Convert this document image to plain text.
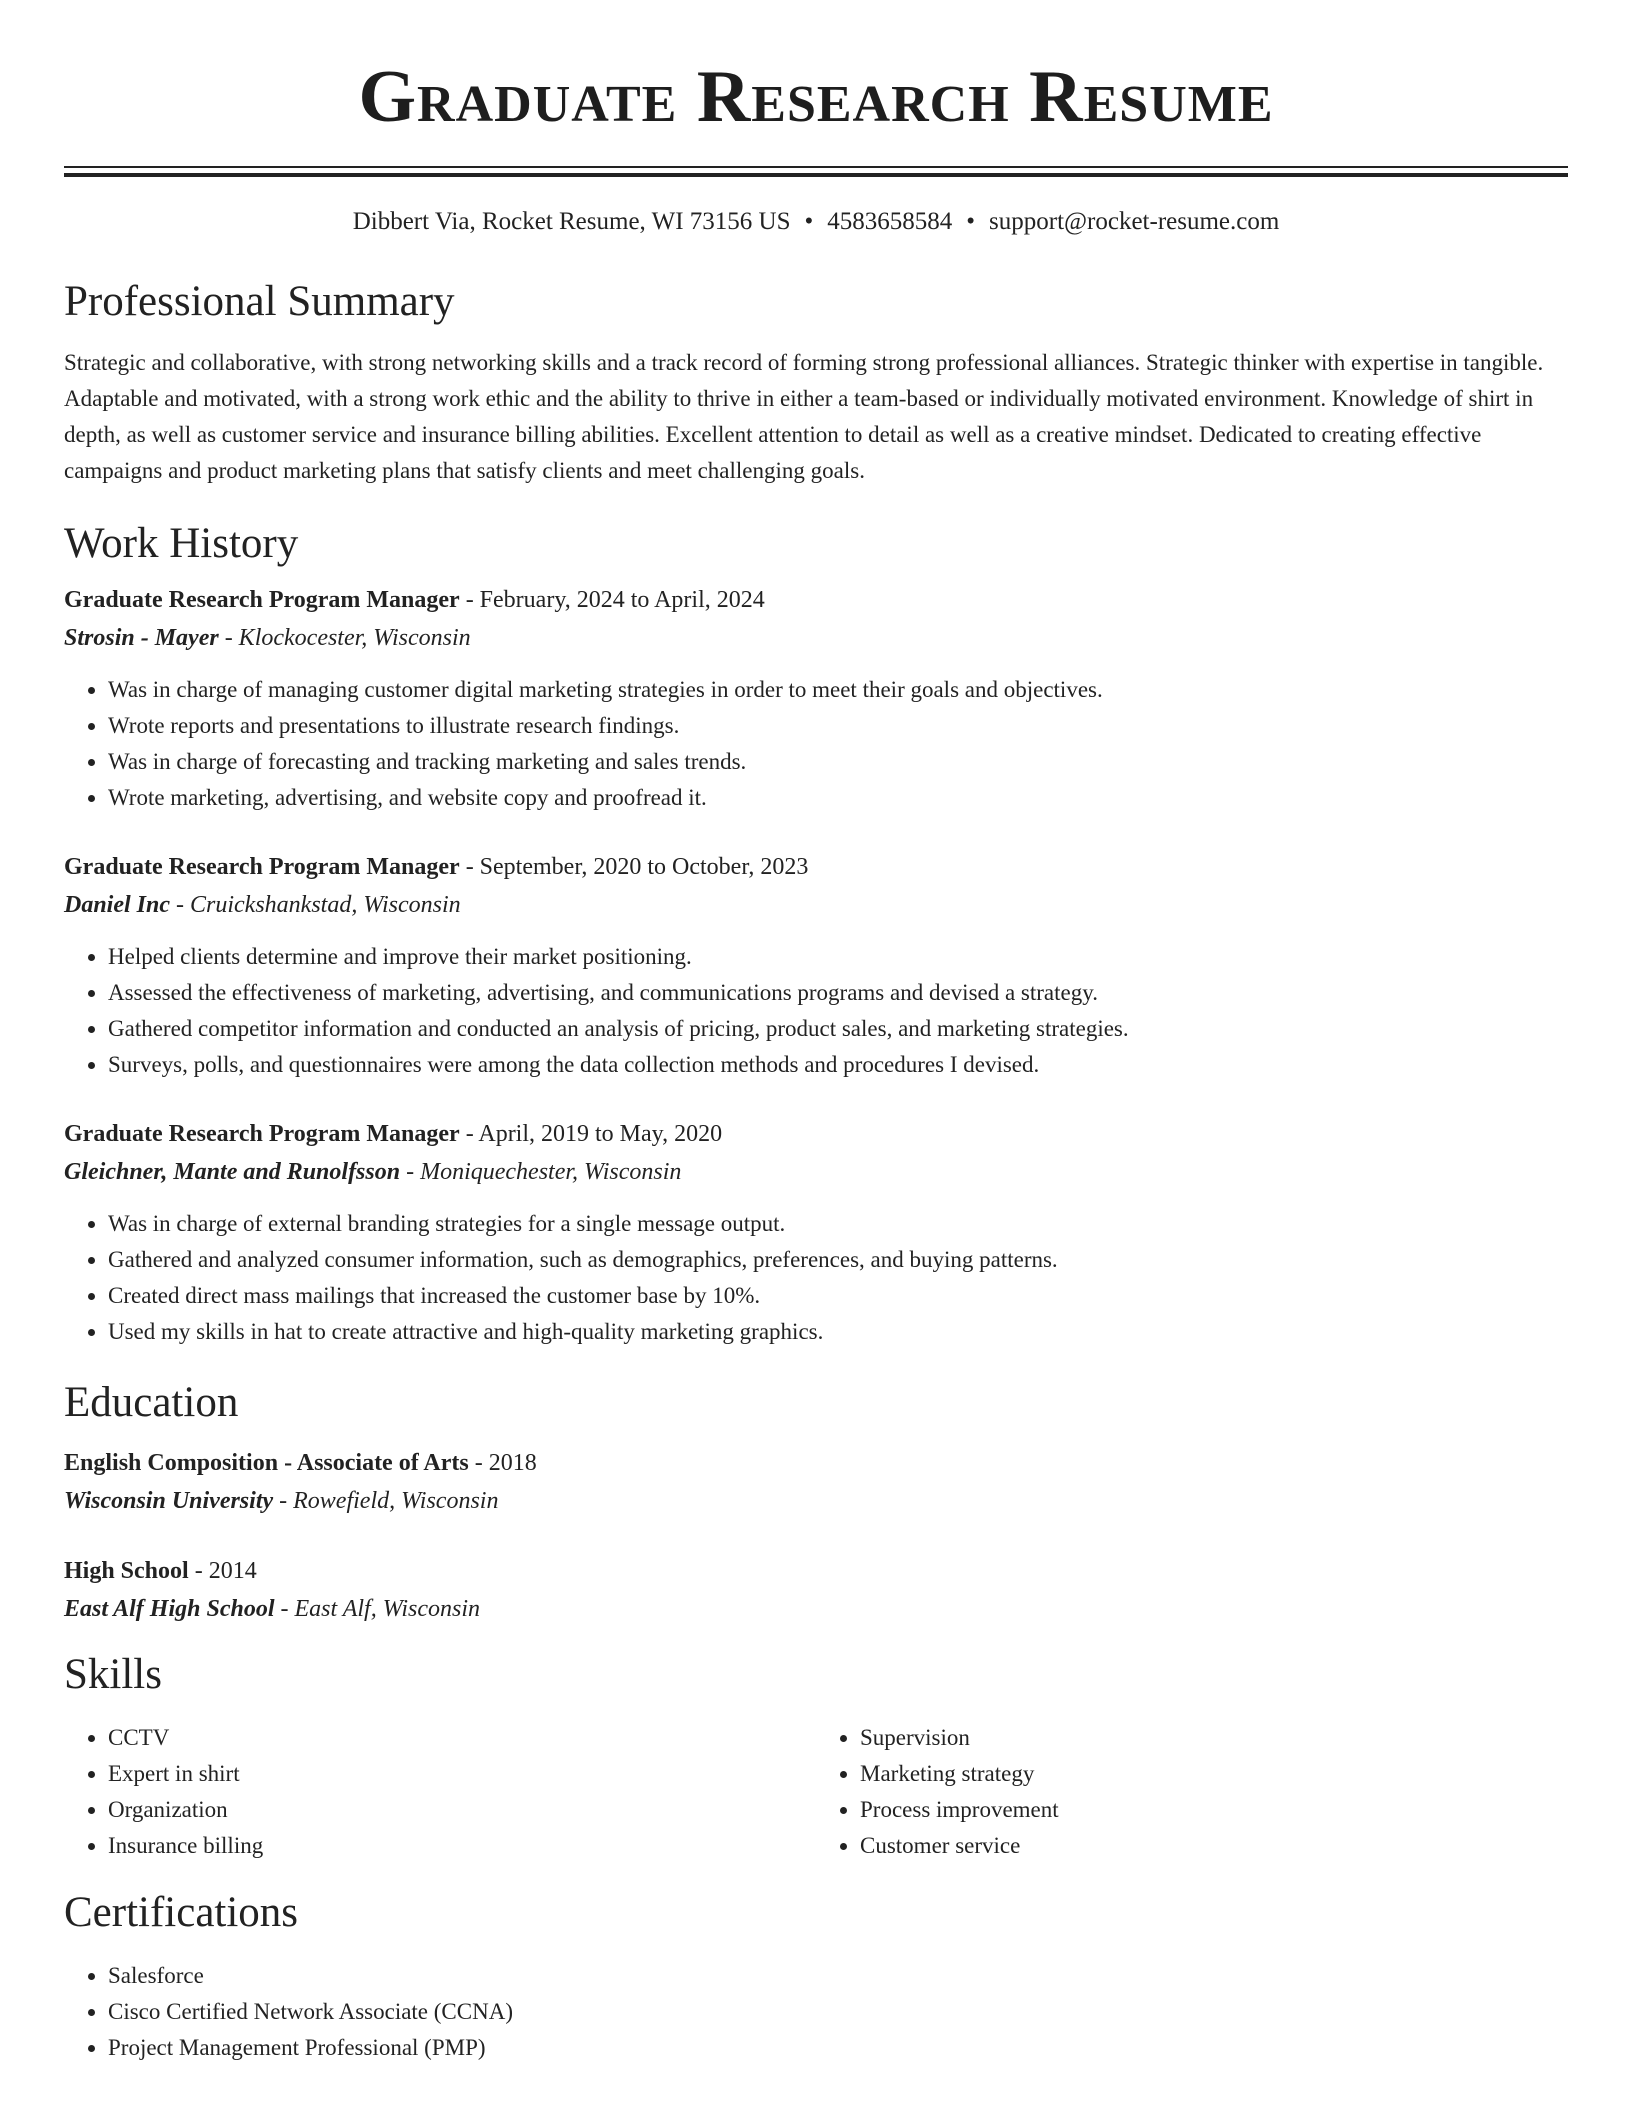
Graduate Research Resume
Dibbert Via, Rocket Resume, WI 73156 US • 4583658584 • support@rocket-resume.com
Professional Summary

Strategic and collaborative, with strong networking skills and a track record of forming strong professional alliances. Strategic thinker with expertise in tangible. Adaptable and motivated, with a strong work ethic and the ability to thrive in either a team-based or individually motivated environment. Knowledge of shirt in depth, as well as customer service and insurance billing abilities. Excellent attention to detail as well as a creative mindset. Dedicated to creating effective campaigns and product marketing plans that satisfy clients and meet challenging goals.

Work History
Graduate Research Program Manager - February, 2024 to April, 2024
Strosin - Mayer - Klockocester, Wisconsin
• Was in charge of managing customer digital marketing strategies in order to meet their goals and objectives.
• Wrote reports and presentations to illustrate research findings.
• Was in charge of forecasting and tracking marketing and sales trends.
• Wrote marketing, advertising, and website copy and proofread it.
Graduate Research Program Manager - September, 2020 to October, 2023
Daniel Inc - Cruickshankstad, Wisconsin
• Helped clients determine and improve their market positioning.
• Assessed the effectiveness of marketing, advertising, and communications programs and devised a strategy.
• Gathered competitor information and conducted an analysis of pricing, product sales, and marketing strategies.
• Surveys, polls, and questionnaires were among the data collection methods and procedures I devised.
Graduate Research Program Manager - April, 2019 to May, 2020
Gleichner, Mante and Runolfsson - Moniquechester, Wisconsin
• Was in charge of external branding strategies for a single message output.
• Gathered and analyzed consumer information, such as demographics, preferences, and buying patterns.
• Created direct mass mailings that increased the customer base by 10%.
• Used my skills in hat to create attractive and high-quality marketing graphics.
Education
English Composition - Associate of Arts - 2018
Wisconsin University - Rowefield, Wisconsin
High School - 2014
East Alf High School - East Alf, Wisconsin
Skills
• CCTV
• Expert in shirt
• Organization
• Insurance billing
• Supervision
• Marketing strategy
• Process improvement
• Customer service
Certifications
• Salesforce
• Cisco Certified Network Associate (CCNA)
• Project Management Professional (PMP)
